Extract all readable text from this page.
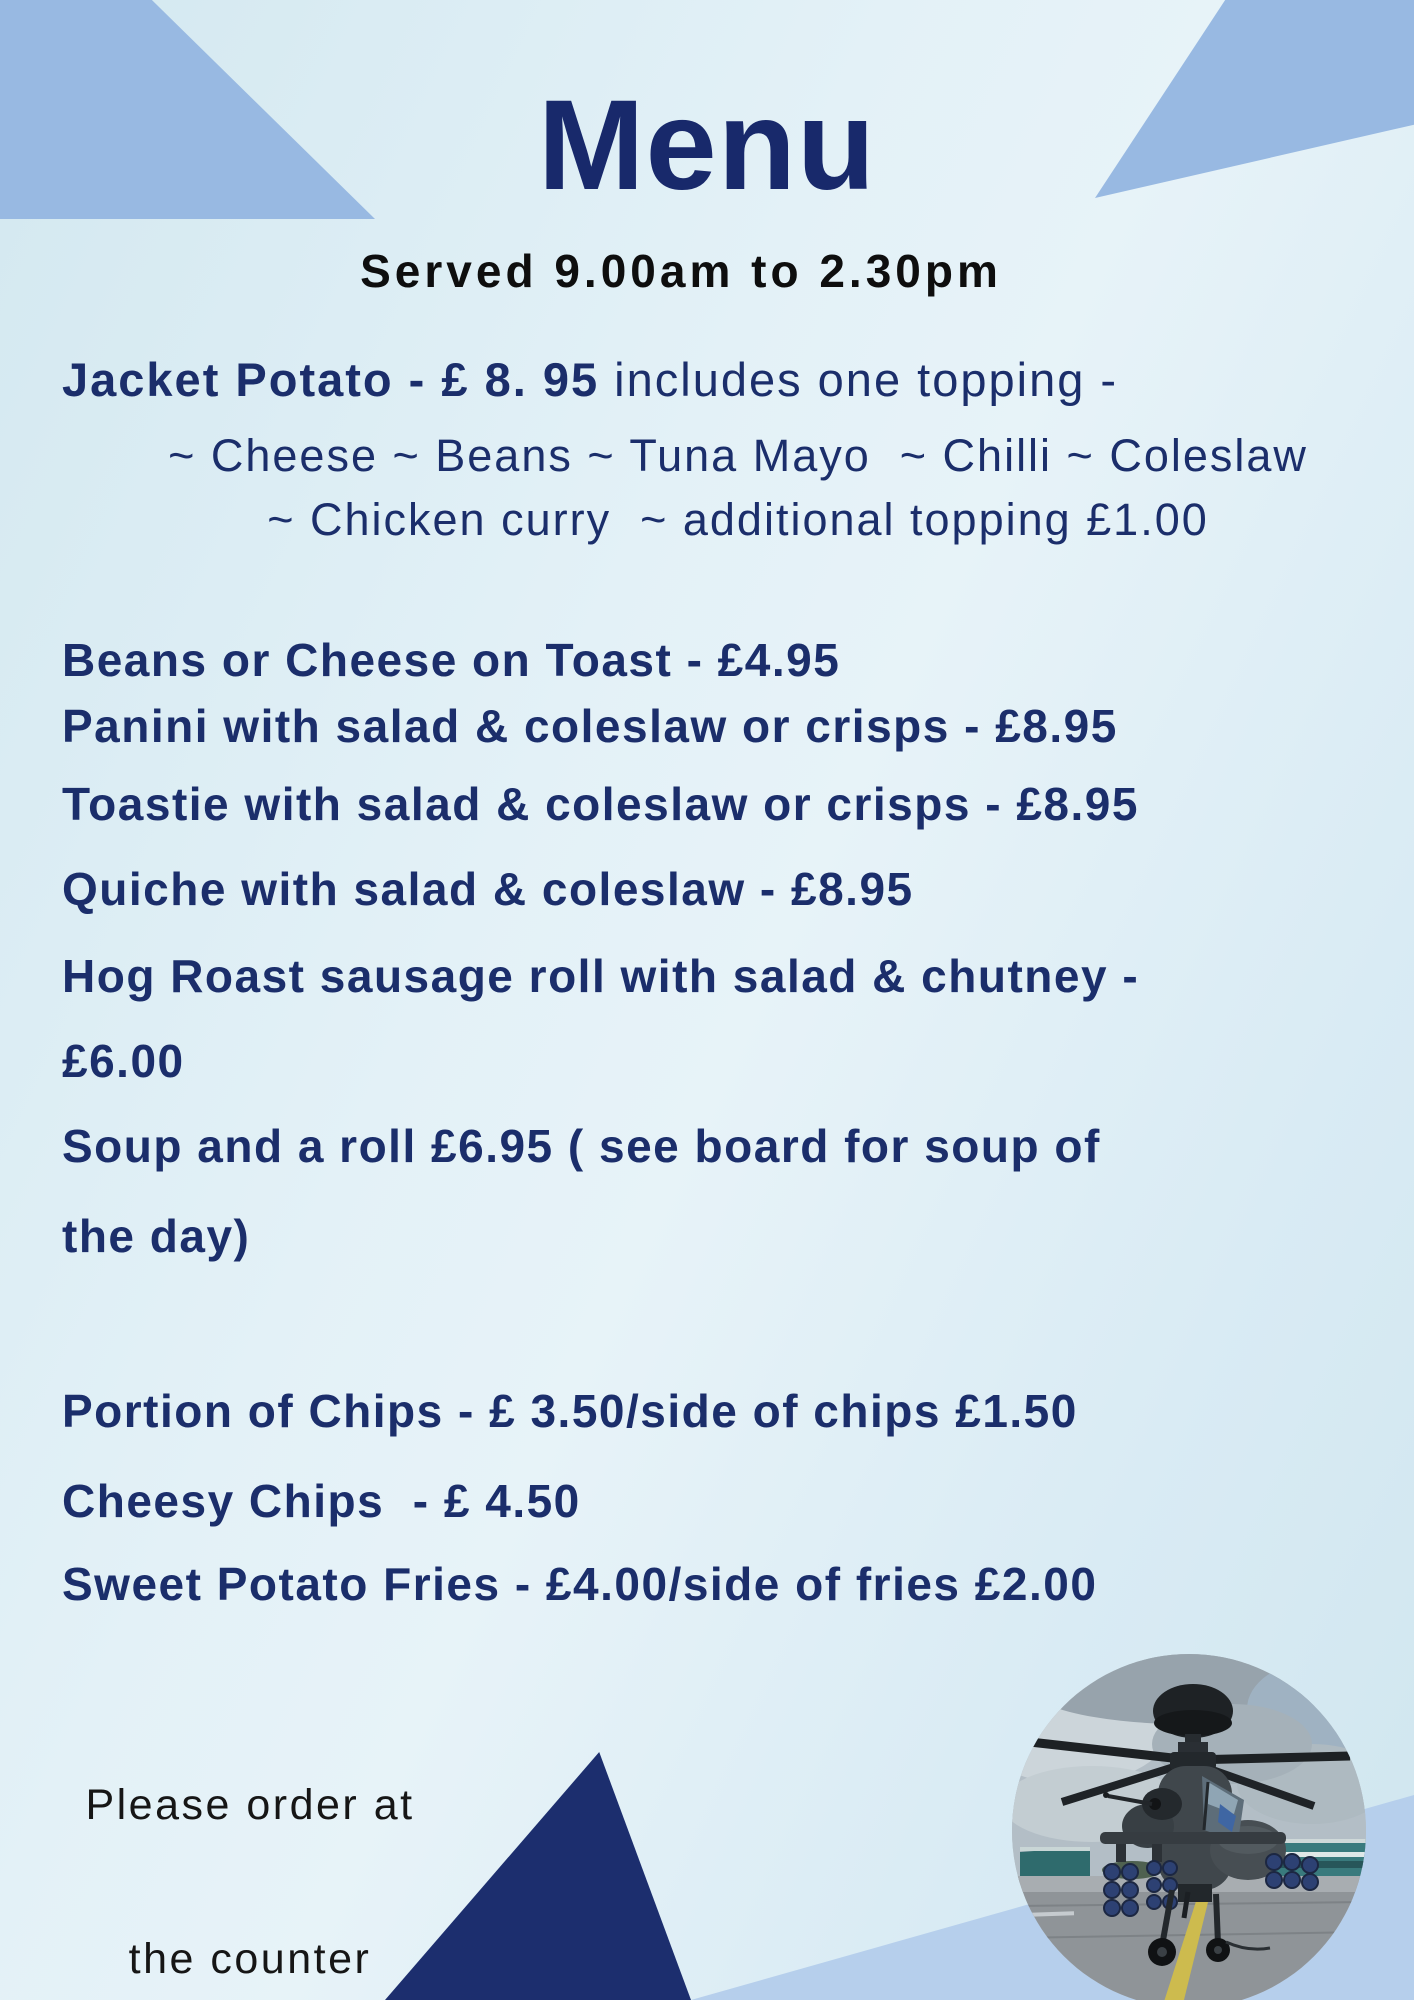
Menu
Served 9.00am to 2.30pm
Jacket Potato - £ 8. 95 includes one topping -
~ Cheese ~ Beans ~ Tuna Mayo  ~ Chilli ~ Coleslaw
~ Chicken curry  ~ additional topping £1.00
Beans or Cheese on Toast - £4.95
Panini with salad & coleslaw or crisps - £8.95
Toastie with salad & coleslaw or crisps - £8.95
Quiche with salad & coleslaw - £8.95
Hog Roast sausage roll with salad & chutney -
£6.00
Soup and a roll £6.95 ( see board for soup of
the day)
Portion of Chips - £ 3.50/side of chips £1.50
Cheesy Chips  - £ 4.50
Sweet Potato Fries - £4.00/side of fries £2.00
Please order at

the counter
